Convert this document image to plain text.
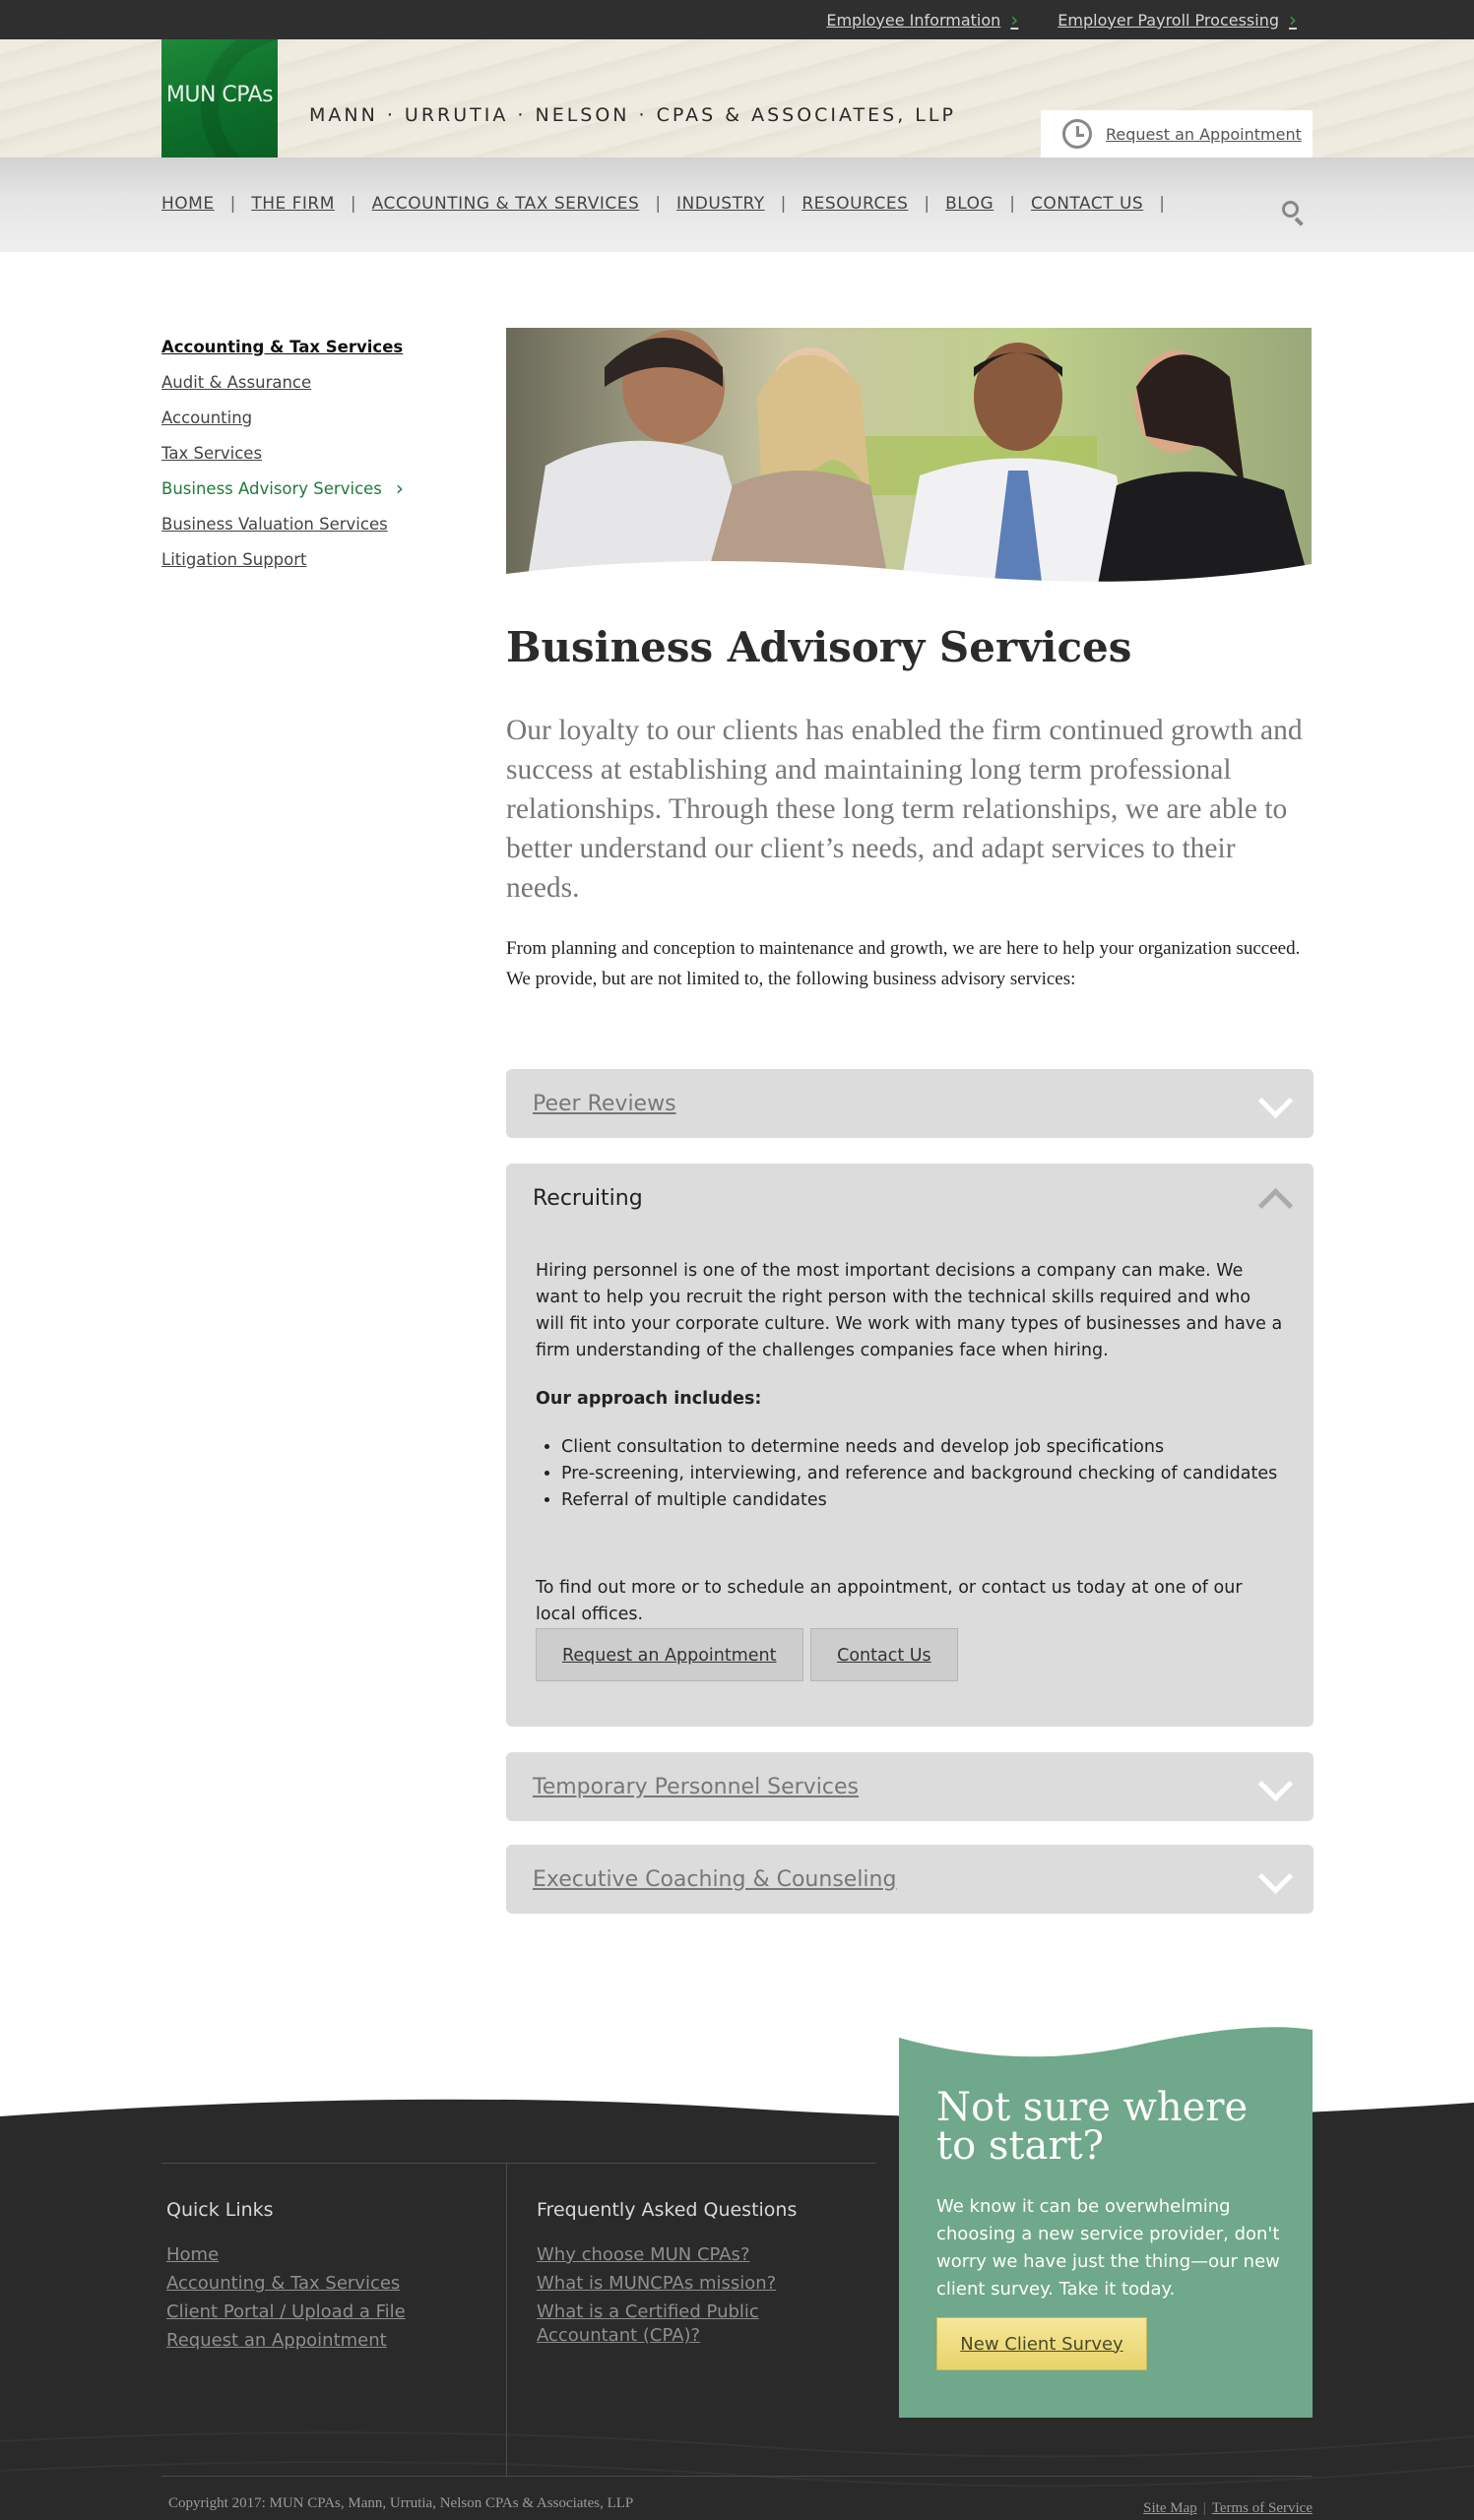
Employee Information ›	Employer Payroll Processing ›
MUN CPAs
MANN · URRUTIA · NELSON · CPAS & ASSOCIATES, LLP
Request an Appointment
HOME | THE FIRM | ACCOUNTING & TAX SERVICES | INDUSTRY | RESOURCES | BLOG | CONTACT US |
Accounting & Tax Services
Audit & Assurance
Accounting
Tax Services
Business Advisory Services ›
Business Valuation Services
Litigation Support
Business Advisory Services

Our loyalty to our clients has enabled the firm continued growth and success at establishing and maintaining long term professional relationships. Through these long term relationships, we are able to better understand our client’s needs, and adapt services to their needs.

From planning and conception to maintenance and growth, we are here to help your organization succeed. We provide, but are not limited to, the following business advisory services:

Peer Reviews
Recruiting

Hiring personnel is one of the most important decisions a company can make. We want to help you recruit the right person with the technical skills required and who will fit into your corporate culture. We work with many types of businesses and have a firm understanding of the challenges companies face when hiring.

Our approach includes:

• Client consultation to determine needs and develop job specifications
• Pre-screening, interviewing, and reference and background checking of candidates
• Referral of multiple candidates

To find out more or to schedule an appointment, or contact us today at one of our local offices.

Request an Appointment	Contact Us
Temporary Personnel Services
Executive Coaching & Counseling
Quick Links
Home
Accounting & Tax Services
Client Portal / Upload a File
Request an Appointment
Frequently Asked Questions
Why choose MUN CPAs?
What is MUNCPAs mission?
What is a Certified Public Accountant (CPA)?
Copyright 2017: MUN CPAs, Mann, Urrutia, Nelson CPAs & Associates, LLP	Site Map | Terms of Service
Not sure where to start?
We know it can be overwhelming choosing a new service provider, don't worry we have just the thing—our new client survey. Take it today.
New Client Survey
